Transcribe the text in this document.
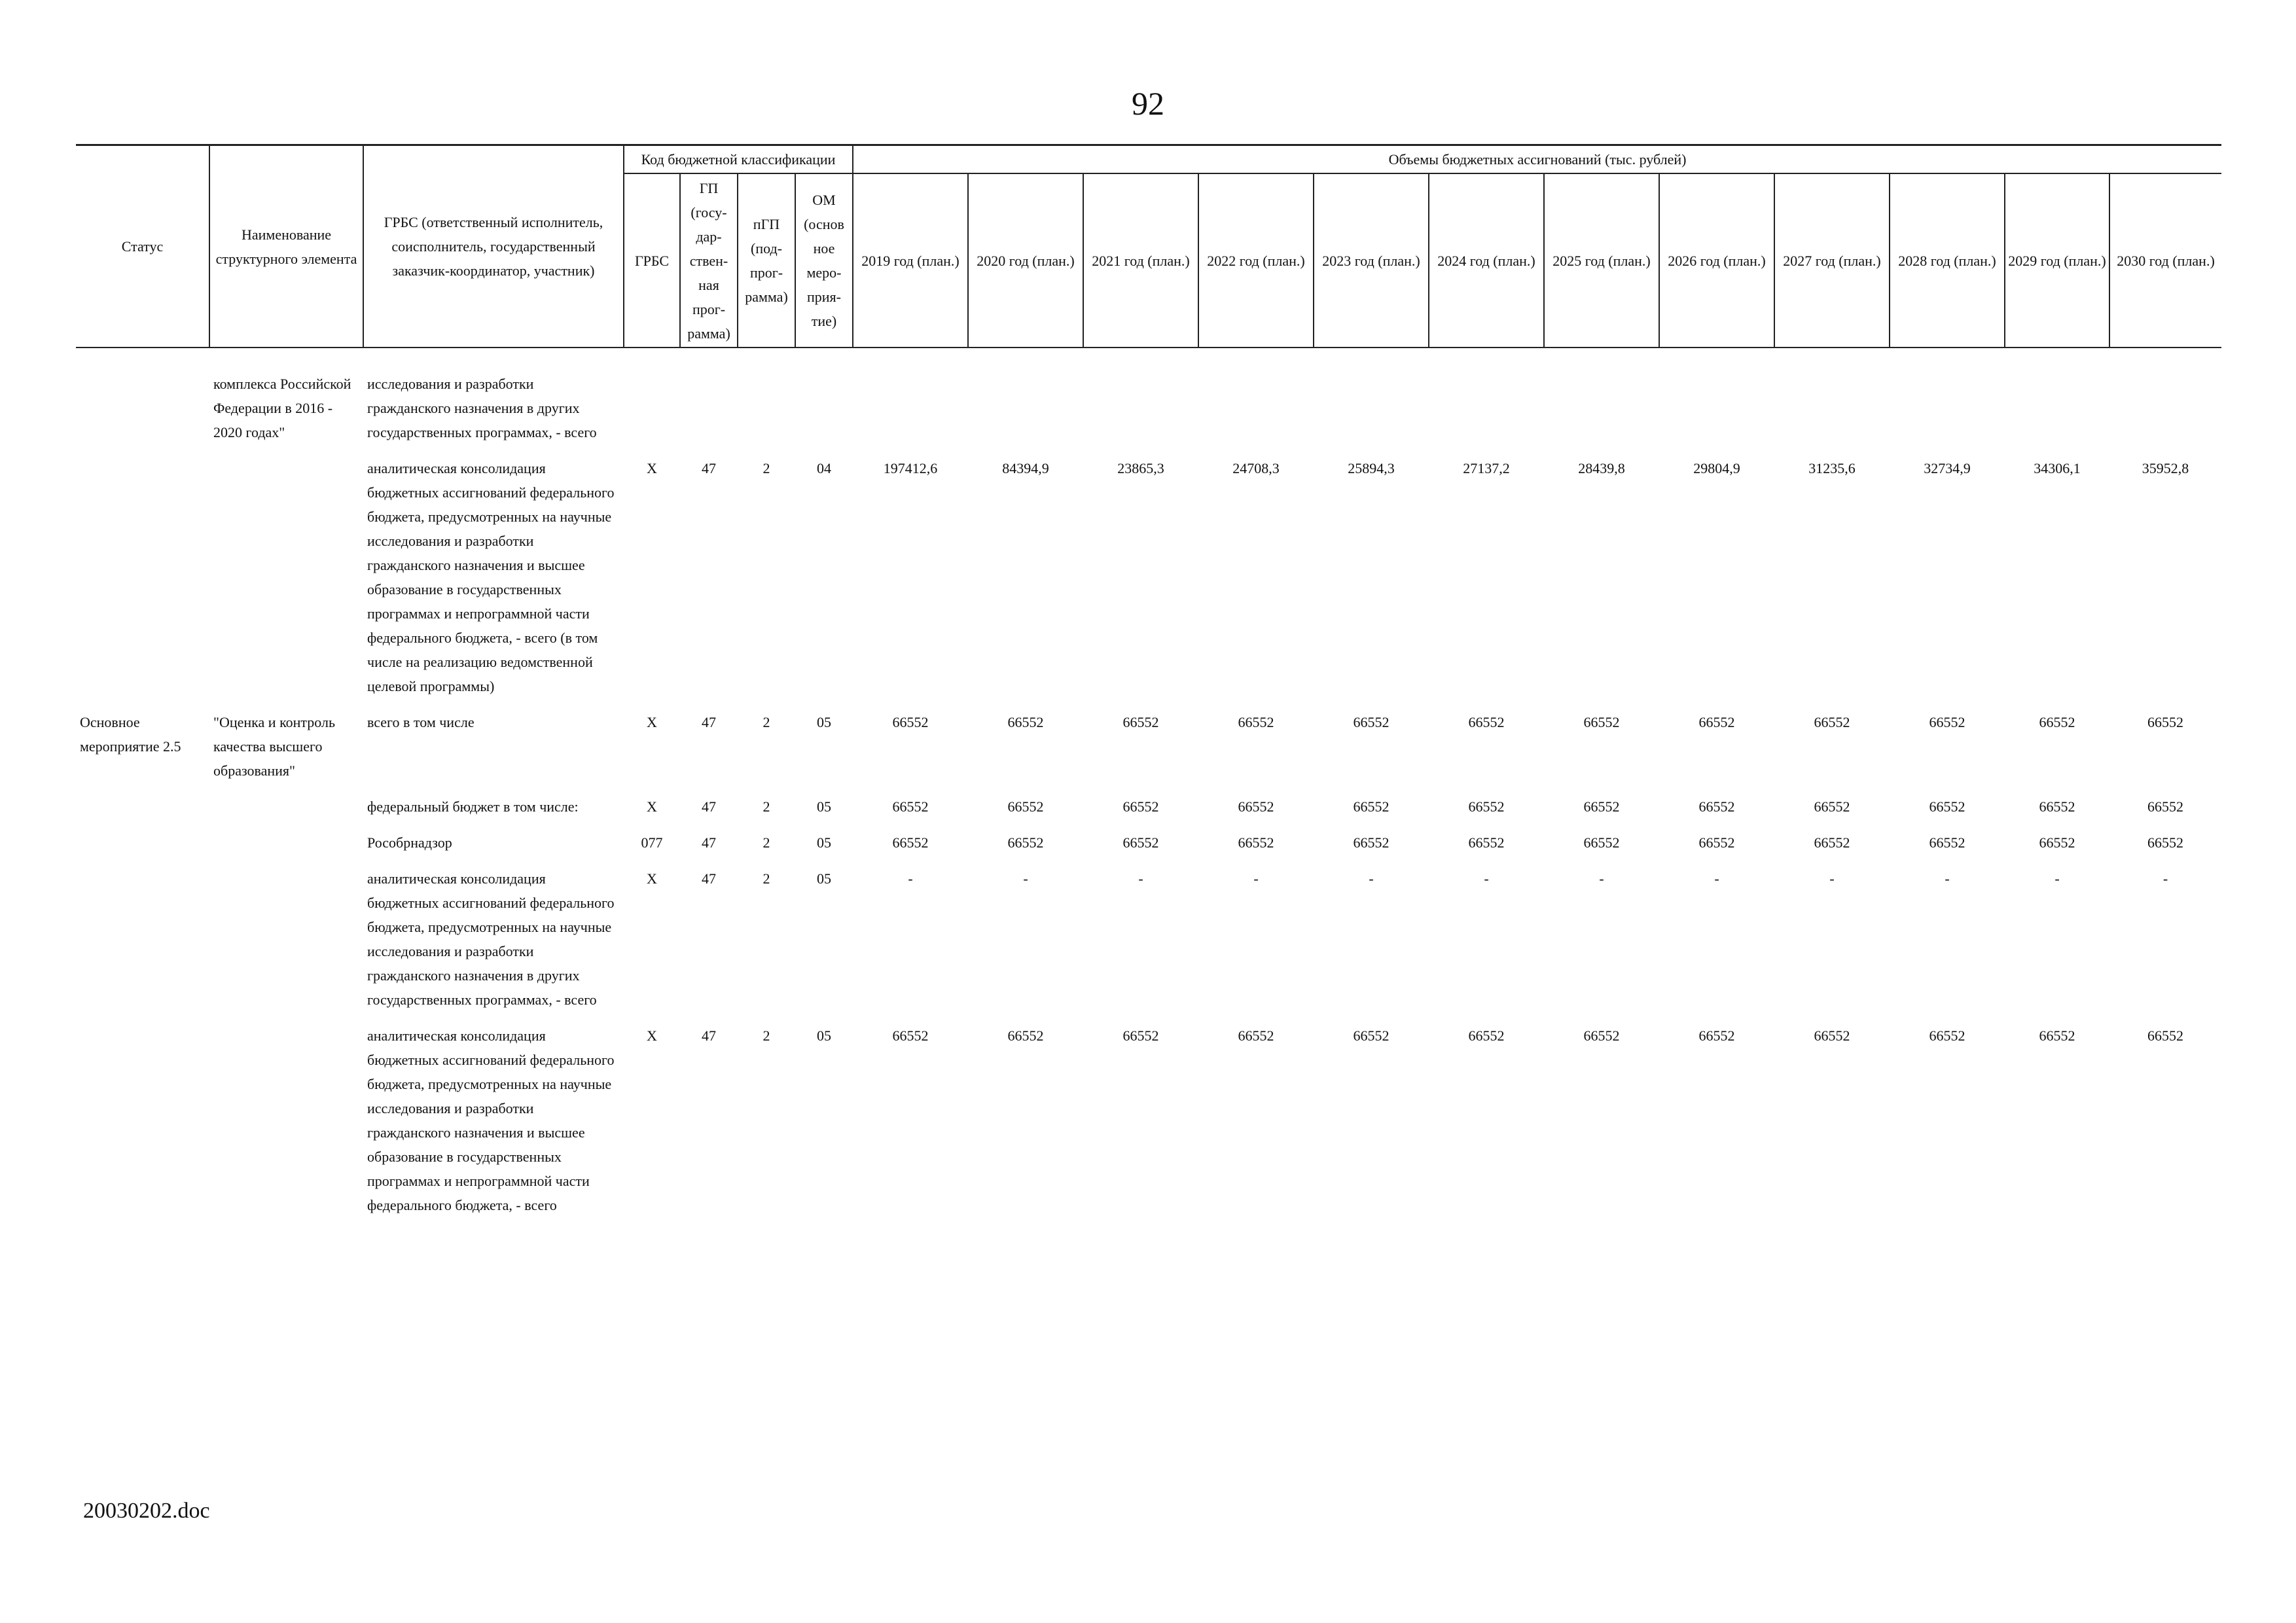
92
Статус	Наименование структурного элемента	ГРБС (ответственный исполнитель, соисполнитель, государственный заказчик-координатор, участник)	Код бюджетной классификации				Объемы бюджетных ассигнований (тыс. рублей)											
			ГРБС	ГП (госу-дар-ствен-ная прог-рамма)	пГП (под-прог-рамма)	ОМ (основ ное меро-прия-тие)	2019 год (план.)	2020 год (план.)	2021 год (план.)	2022 год (план.)	2023 год (план.)	2024 год (план.)	2025 год (план.)	2026 год (план.)	2027 год (план.)	2028 год (план.)	2029 год (план.)	2030 год (план.)

	комплекса Российской Федерации в 2016 - 2020 годах"	исследования и разработки гражданского назначения в других государственных программах, - всего																
		аналитическая консолидация бюджетных ассигнований федерального бюджета, предусмотренных на научные исследования и разработки гражданского назначения и высшее образование в государственных программах и непрограммной части федерального бюджета, - всего (в том числе на реализацию ведомственной целевой программы)	Х	47	2	04	197412,6	84394,9	23865,3	24708,3	25894,3	27137,2	28439,8	29804,9	31235,6	32734,9	34306,1	35952,8
Основное мероприятие 2.5	"Оценка и контроль качества высшего образования"	всего в том числе	Х	47	2	05	66552	66552	66552	66552	66552	66552	66552	66552	66552	66552	66552	66552
		федеральный бюджет в том числе:	Х	47	2	05	66552	66552	66552	66552	66552	66552	66552	66552	66552	66552	66552	66552
		Рособрнадзор	077	47	2	05	66552	66552	66552	66552	66552	66552	66552	66552	66552	66552	66552	66552
		аналитическая консолидация бюджетных ассигнований федерального бюджета, предусмотренных на научные исследования и разработки гражданского назначения в других государственных программах, - всего	Х	47	2	05	-	-	-	-	-	-	-	-	-	-	-	-
		аналитическая консолидация бюджетных ассигнований федерального бюджета, предусмотренных на научные исследования и разработки гражданского назначения и высшее образование в государственных программах и непрограммной части федерального бюджета, - всего	Х	47	2	05	66552	66552	66552	66552	66552	66552	66552	66552	66552	66552	66552	66552
20030202.doc
